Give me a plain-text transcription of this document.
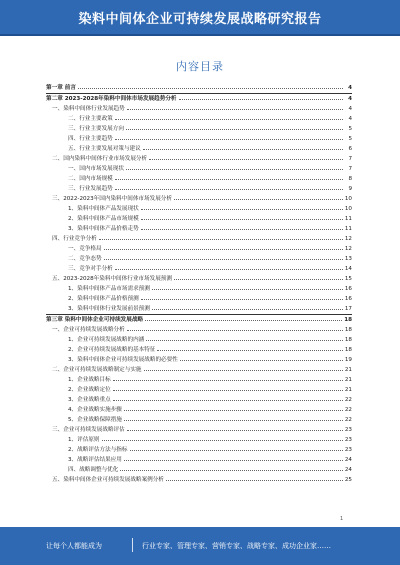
染料中间体企业可持续发展战略研究报告
内容目录
第一章 前言	4
第二章 2023-2028年染料中间体市场发展趋势分析	4
一、染料中间体行业发展趋势	4
二、行业主要政策	4
三、行业主要发展方向	5
四、行业主要趋势	5
五、行业主要发展对策与建议	6
二、国内染料中间体行业市场发展分析	7
一、国内市场发展现状	7
二、国内市场规模	8
三、行业发展趋势	9
三、2022-2023年国内染料中间体市场发展分析	10
1、染料中间体产品发展现状	10
2、染料中间体产品市场规模	11
3、染料中间体产品价格走势	11
四、行业竞争分析	12
一、竞争格局	12
二、竞争态势	13
三、竞争对手分析	14
五、2023-2028年染料中间体行业市场发展预测	15
1、染料中间体产品市场需求预测	16
2、染料中间体产品价格预测	16
3、染料中间体行业发展前景预测	17
第三章 染料中间体企业可持续发展战略	18
一、企业可持续发展战略分析	18
1、企业可持续发展战略的内涵	18
2、企业可持续发展战略的基本特征	18
3、染料中间体企业可持续发展战略的必要性	19
二、企业可持续发展战略制定与实施	21
1、企业战略目标	21
2、企业战略定位	21
3、企业战略重点	22
4、企业战略实施步骤	22
5、企业战略保障措施	22
三、企业可持续发展战略评估	23
1、评估原则	23
2、战略评估方法与指标	23
3、战略评估结果应用	24
四、战略调整与优化	24
五、染料中间体企业可持续发展战略案例分析	25
1
让每个人都能成为	行业专家、管理专家、营销专家、战略专家、成功企业家……
